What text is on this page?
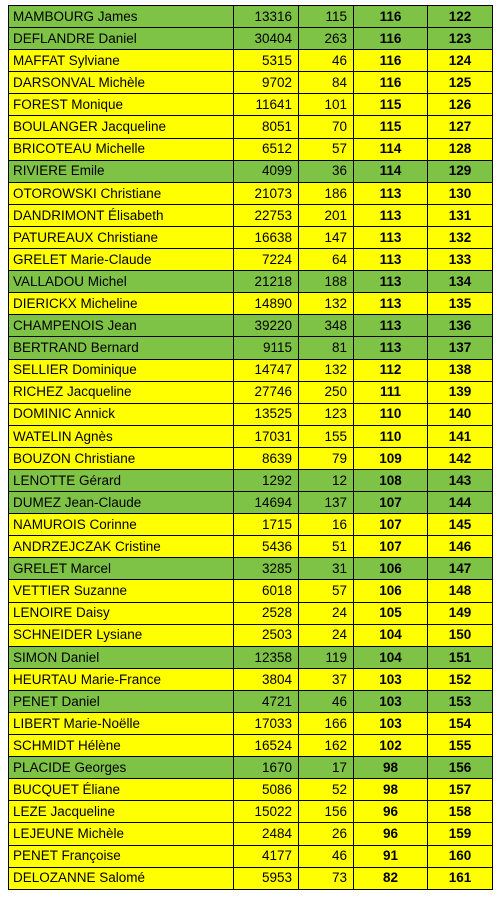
MAMBOURG James	13316	115	116	122
DEFLANDRE Daniel	30404	263	116	123
MAFFAT Sylviane	5315	46	116	124
DARSONVAL Michèle	9702	84	116	125
FOREST Monique	11641	101	115	126
BOULANGER Jacqueline	8051	70	115	127
BRICOTEAU Michelle	6512	57	114	128
RIVIERE Emile	4099	36	114	129
OTOROWSKI Christiane	21073	186	113	130
DANDRIMONT Élisabeth	22753	201	113	131
PATUREAUX Christiane	16638	147	113	132
GRELET Marie-Claude	7224	64	113	133
VALLADOU Michel	21218	188	113	134
DIERICKX Micheline	14890	132	113	135
CHAMPENOIS Jean	39220	348	113	136
BERTRAND Bernard	9115	81	113	137
SELLIER Dominique	14747	132	112	138
RICHEZ Jacqueline	27746	250	111	139
DOMINIC Annick	13525	123	110	140
WATELIN Agnès	17031	155	110	141
BOUZON Christiane	8639	79	109	142
LENOTTE Gérard	1292	12	108	143
DUMEZ Jean-Claude	14694	137	107	144
NAMUROIS Corinne	1715	16	107	145
ANDRZEJCZAK Cristine	5436	51	107	146
GRELET Marcel	3285	31	106	147
VETTIER Suzanne	6018	57	106	148
LENOIRE Daisy	2528	24	105	149
SCHNEIDER Lysiane	2503	24	104	150
SIMON Daniel	12358	119	104	151
HEURTAU Marie-France	3804	37	103	152
PENET Daniel	4721	46	103	153
LIBERT Marie-Noëlle	17033	166	103	154
SCHMIDT Hélène	16524	162	102	155
PLACIDE Georges	1670	17	98	156
BUCQUET Éliane	5086	52	98	157
LEZE Jacqueline	15022	156	96	158
LEJEUNE Michèle	2484	26	96	159
PENET Françoise	4177	46	91	160
DELOZANNE Salomé	5953	73	82	161
